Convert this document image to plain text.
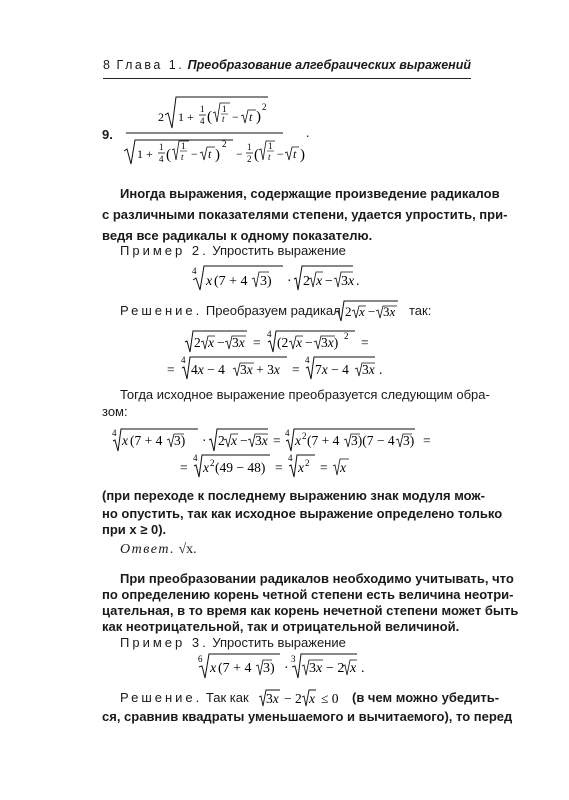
8 Глава 1. Преобразование алгебраических выражений
9.
2 1 +
1
4 ( 1
t − t )
2
1 + 1
4 (
1
t − t )
2
− 1
2 (
1
t − t )
.
Иногда выражения, содержащие произведение радикалов
с различными показателями степени, удается упростить, при-
ведя все радикалы к одному показателю.
Пример 2. Упростить выражение
4
x (7 + 4 3) · 2 x − 3x .
Решение. Преобразуем радикал 2 x − 3x так:
2 x − 3x =
4
(2 x − 3x) 2 =
=
4
4x − 4 3x + 3x =
4
7x − 4 3x .
Тогда исходное выражение преобразуется следующим обра-
зом:
4 x (7 + 4 3) · 2 x − 3x = 4 x 2 (7 + 4 3)(7 − 4 3) =
=
4
x 2 (49 − 48) =
4
x 2 = x
(при переходе к последнему выражению знак модуля мож-
но опустить, так как исходное выражение определено только
при x ≥ 0).
Ответ. √x.
При преобразовании радикалов необходимо учитывать, что
по определению корень четной степени есть величина неотри-
цательная, в то время как корень нечетной степени может быть
как неотрицательной, так и отрицательной величиной.
Пример 3. Упростить выражение
6
x (7 + 4 3) ·
3
3x − 2 x .
Решение. Так как 3x − 2 x ≤ 0 (в чем можно убедить-
ся, сравнив квадраты уменьшаемого и вычитаемого), то перед
